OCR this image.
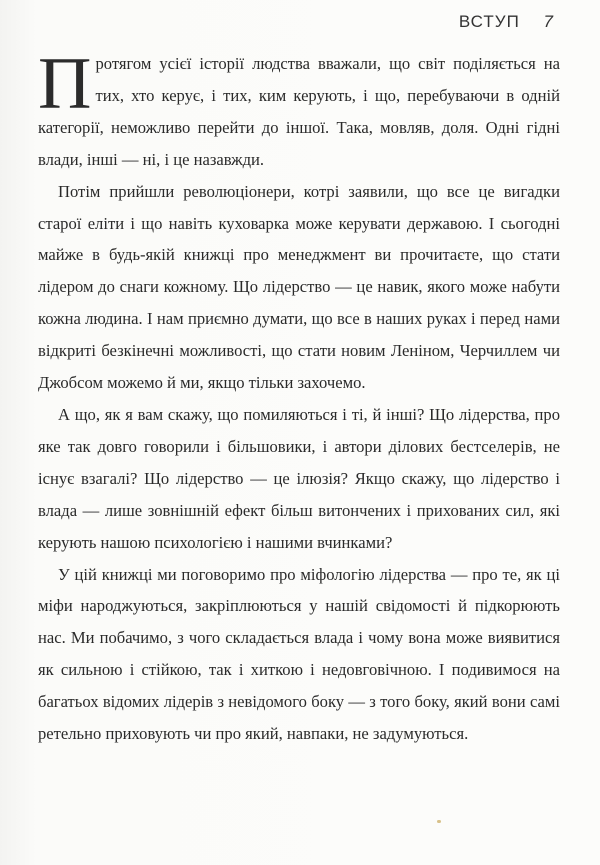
ВСТУП 7

Протягом усієї історії людства вважали, що світ поділяється на тих, хто керує, і тих, ким керують, і що, перебуваючи в одній категорії, неможливо перейти до іншої. Така, мовляв, доля. Одні гідні влади, інші — ні, і це назавжди.

Потім прийшли революціонери, котрі заявили, що все це вигадки старої еліти і що навіть куховарка може керувати державою. І сьогодні майже в будь-якій книжці про менеджмент ви прочитаєте, що стати лідером до снаги кожному. Що лідерство — це навик, якого може набути кожна людина. І нам приємно думати, що все в наших руках і перед нами відкриті безкінечні можливості, що стати новим Леніном, Черчиллем чи Джобсом можемо й ми, якщо тільки захочемо.

А що, як я вам скажу, що помиляються і ті, й інші? Що лідерства, про яке так довго говорили і більшовики, і автори ділових бестселерів, не існує взагалі? Що лідерство — це ілюзія? Якщо скажу, що лідерство і влада — лише зовнішній ефект більш витончених і прихованих сил, які керують нашою психологією і нашими вчинками?

У цій книжці ми поговоримо про міфологію лідерства — про те, як ці міфи народжуються, закріплюються у нашій свідомості й підкорюють нас. Ми побачимо, з чого складається влада і чому вона може виявитися як сильною і стійкою, так і хиткою і недовговічною. І подивимося на багатьох відомих лідерів з невідомого боку — з того боку, який вони самі ретельно приховують чи про який, навпаки, не задумуються.
